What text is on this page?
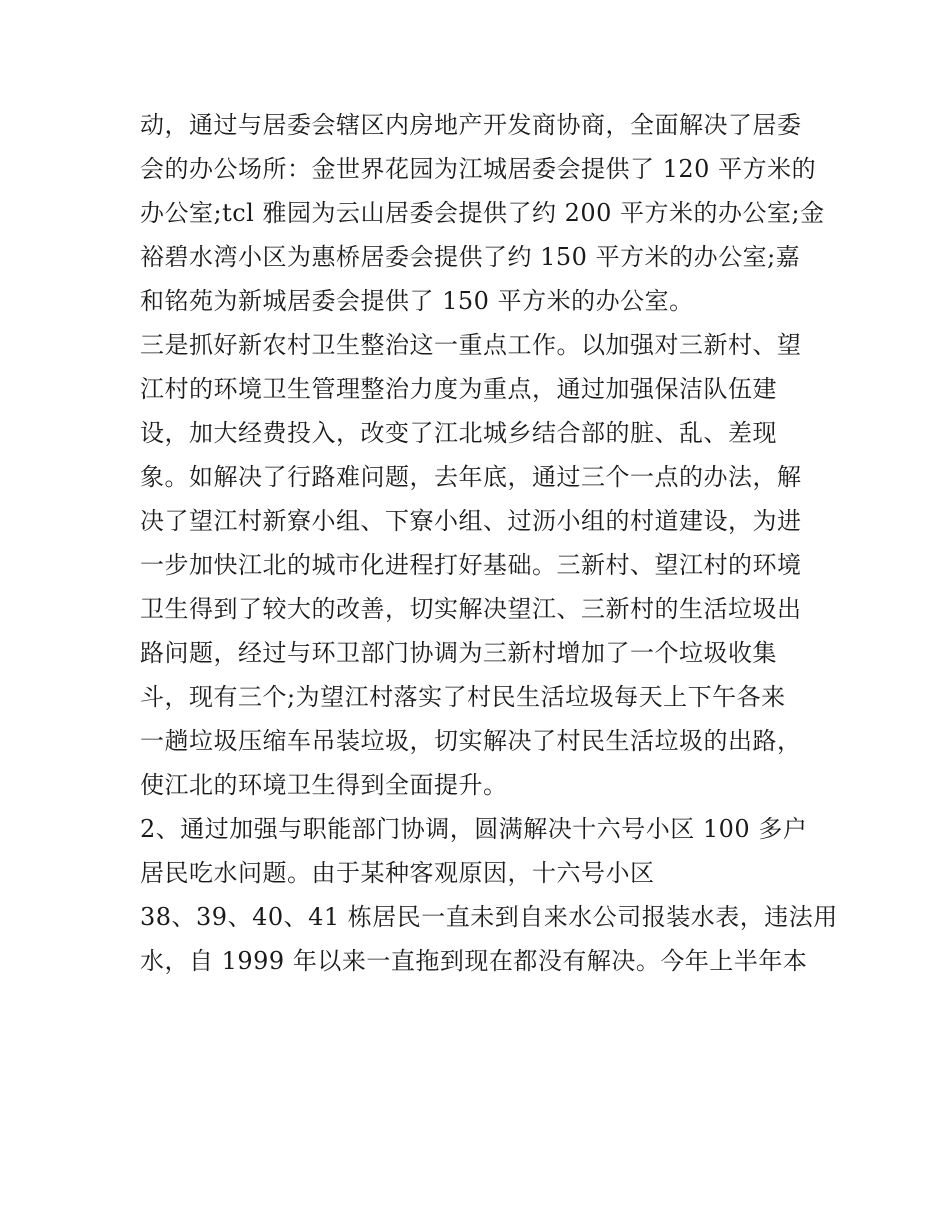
动，通过与居委会辖区内房地产开发商协商，全面解决了居委
会的办公场所：金世界花园为江城居委会提供了 120 平方米的
办公室;tcl 雅园为云山居委会提供了约 200 平方米的办公室;金
裕碧水湾小区为惠桥居委会提供了约 150 平方米的办公室;嘉
和铭苑为新城居委会提供了 150 平方米的办公室。
三是抓好新农村卫生整治这一重点工作。以加强对三新村、望
江村的环境卫生管理整治力度为重点，通过加强保洁队伍建
设，加大经费投入，改变了江北城乡结合部的脏、乱、差现
象。如解决了行路难问题，去年底，通过三个一点的办法，解
决了望江村新寮小组、下寮小组、过沥小组的村道建设，为进
一步加快江北的城市化进程打好基础。三新村、望江村的环境
卫生得到了较大的改善，切实解决望江、三新村的生活垃圾出
路问题，经过与环卫部门协调为三新村增加了一个垃圾收集
斗，现有三个;为望江村落实了村民生活垃圾每天上下午各来
一趟垃圾压缩车吊装垃圾，切实解决了村民生活垃圾的出路，
使江北的环境卫生得到全面提升。
2、通过加强与职能部门协调，圆满解决十六号小区 100 多户
居民吃水问题。由于某种客观原因，十六号小区
38、39、40、41 栋居民一直未到自来水公司报装水表，违法用
水，自 1999 年以来一直拖到现在都没有解决。今年上半年本
